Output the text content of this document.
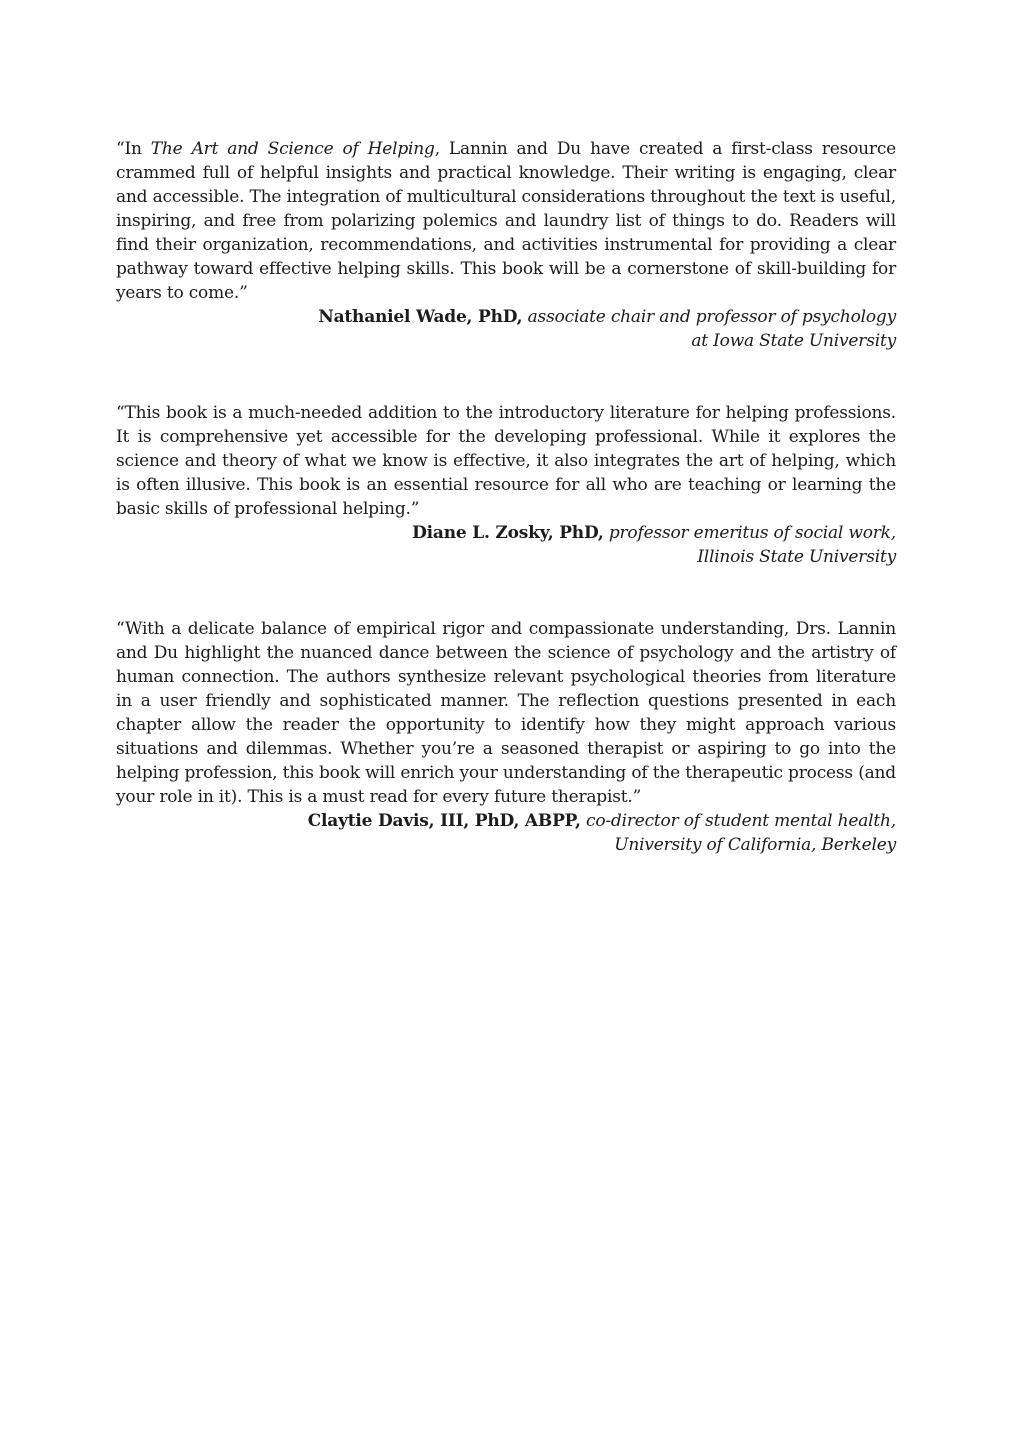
“In The Art and Science of Helping, Lannin and Du have created a first-class resource crammed full of helpful insights and practical knowledge. Their writing is engaging, clear and accessible. The integration of multicultural considerations throughout the text is useful, inspiring, and free from polarizing polemics and laundry list of things to do. Readers will find their organization, recommendations, and activities instrumental for providing a clear pathway toward effective helping skills. This book will be a cornerstone of skill-building for years to come.”

Nathaniel Wade, PhD, associate chair and professor of psychology
at Iowa State University

“This book is a much-needed addition to the introductory literature for helping professions. It is comprehensive yet accessible for the developing professional. While it explores the science and theory of what we know is effective, it also integrates the art of helping, which is often illusive. This book is an essential resource for all who are teaching or learning the basic skills of professional helping.”

Diane L. Zosky, PhD, professor emeritus of social work,
Illinois State University

“With a delicate balance of empirical rigor and compassionate understanding, Drs. Lannin and Du highlight the nuanced dance between the science of psychology and the artistry of human connection. The authors synthesize relevant psychological theories from literature in a user friendly and sophisticated manner. The reflection questions presented in each chapter allow the reader the opportunity to identify how they might approach various situations and dilemmas. Whether you’re a seasoned therapist or aspiring to go into the helping profession, this book will enrich your understanding of the therapeutic process (and your role in it). This is a must read for every future therapist.”

Claytie Davis, III, PhD, ABPP, co-director of student mental health,
University of California, Berkeley
